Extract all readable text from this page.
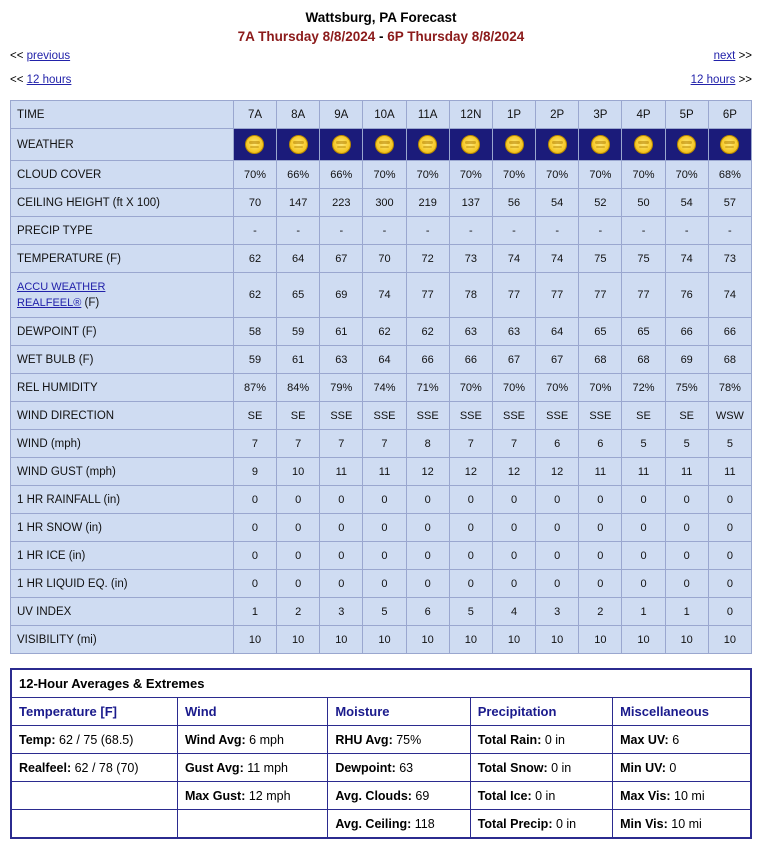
Wattsburg, PA Forecast
7A Thursday 8/8/2024 - 6P Thursday 8/8/2024
<< previous	next >>
<< 12 hours	12 hours >>
TIME	7A	8A	9A	10A	11A	12N	1P	2P	3P	4P	5P	6P
WEATHER												
CLOUD COVER	70%	66%	66%	70%	70%	70%	70%	70%	70%	70%	70%	68%
CEILING HEIGHT (ft X 100)	70	147	223	300	219	137	56	54	52	50	54	57
PRECIP TYPE	-	-	-	-	-	-	-	-	-	-	-	-
TEMPERATURE (F)	62	64	67	70	72	73	74	74	75	75	74	73

ACCU WEATHER
REALFEEL® (F)	62	65	69	74	77	78	77	77	77	77	76	74
DEWPOINT (F)	58	59	61	62	62	63	63	64	65	65	66	66
WET BULB (F)	59	61	63	64	66	66	67	67	68	68	69	68
REL HUMIDITY	87%	84%	79%	74%	71%	70%	70%	70%	70%	72%	75%	78%
WIND DIRECTION	SE	SE	SSE	SSE	SSE	SSE	SSE	SSE	SSE	SE	SE	WSW
WIND (mph)	7	7	7	7	8	7	7	6	6	5	5	5
WIND GUST (mph)	9	10	11	11	12	12	12	12	11	11	11	11
1 HR RAINFALL (in)	0	0	0	0	0	0	0	0	0	0	0	0
1 HR SNOW (in)	0	0	0	0	0	0	0	0	0	0	0	0
1 HR ICE (in)	0	0	0	0	0	0	0	0	0	0	0	0
1 HR LIQUID EQ. (in)	0	0	0	0	0	0	0	0	0	0	0	0
UV INDEX	1	2	3	5	6	5	4	3	2	1	1	0
VISIBILITY (mi)	10	10	10	10	10	10	10	10	10	10	10	10
12-Hour Averages & Extremes				
Temperature [F]	Wind	Moisture	Precipitation	Miscellaneous
Temp: 62 / 75 (68.5)	Wind Avg: 6 mph	RHU Avg: 75%	Total Rain: 0 in	Max UV: 6
Realfeel: 62 / 78 (70)	Gust Avg: 11 mph	Dewpoint: 63	Total Snow: 0 in	Min UV: 0
	Max Gust: 12 mph	Avg. Clouds: 69	Total Ice: 0 in	Max Vis: 10 mi
		Avg. Ceiling: 118	Total Precip: 0 in	Min Vis: 10 mi
